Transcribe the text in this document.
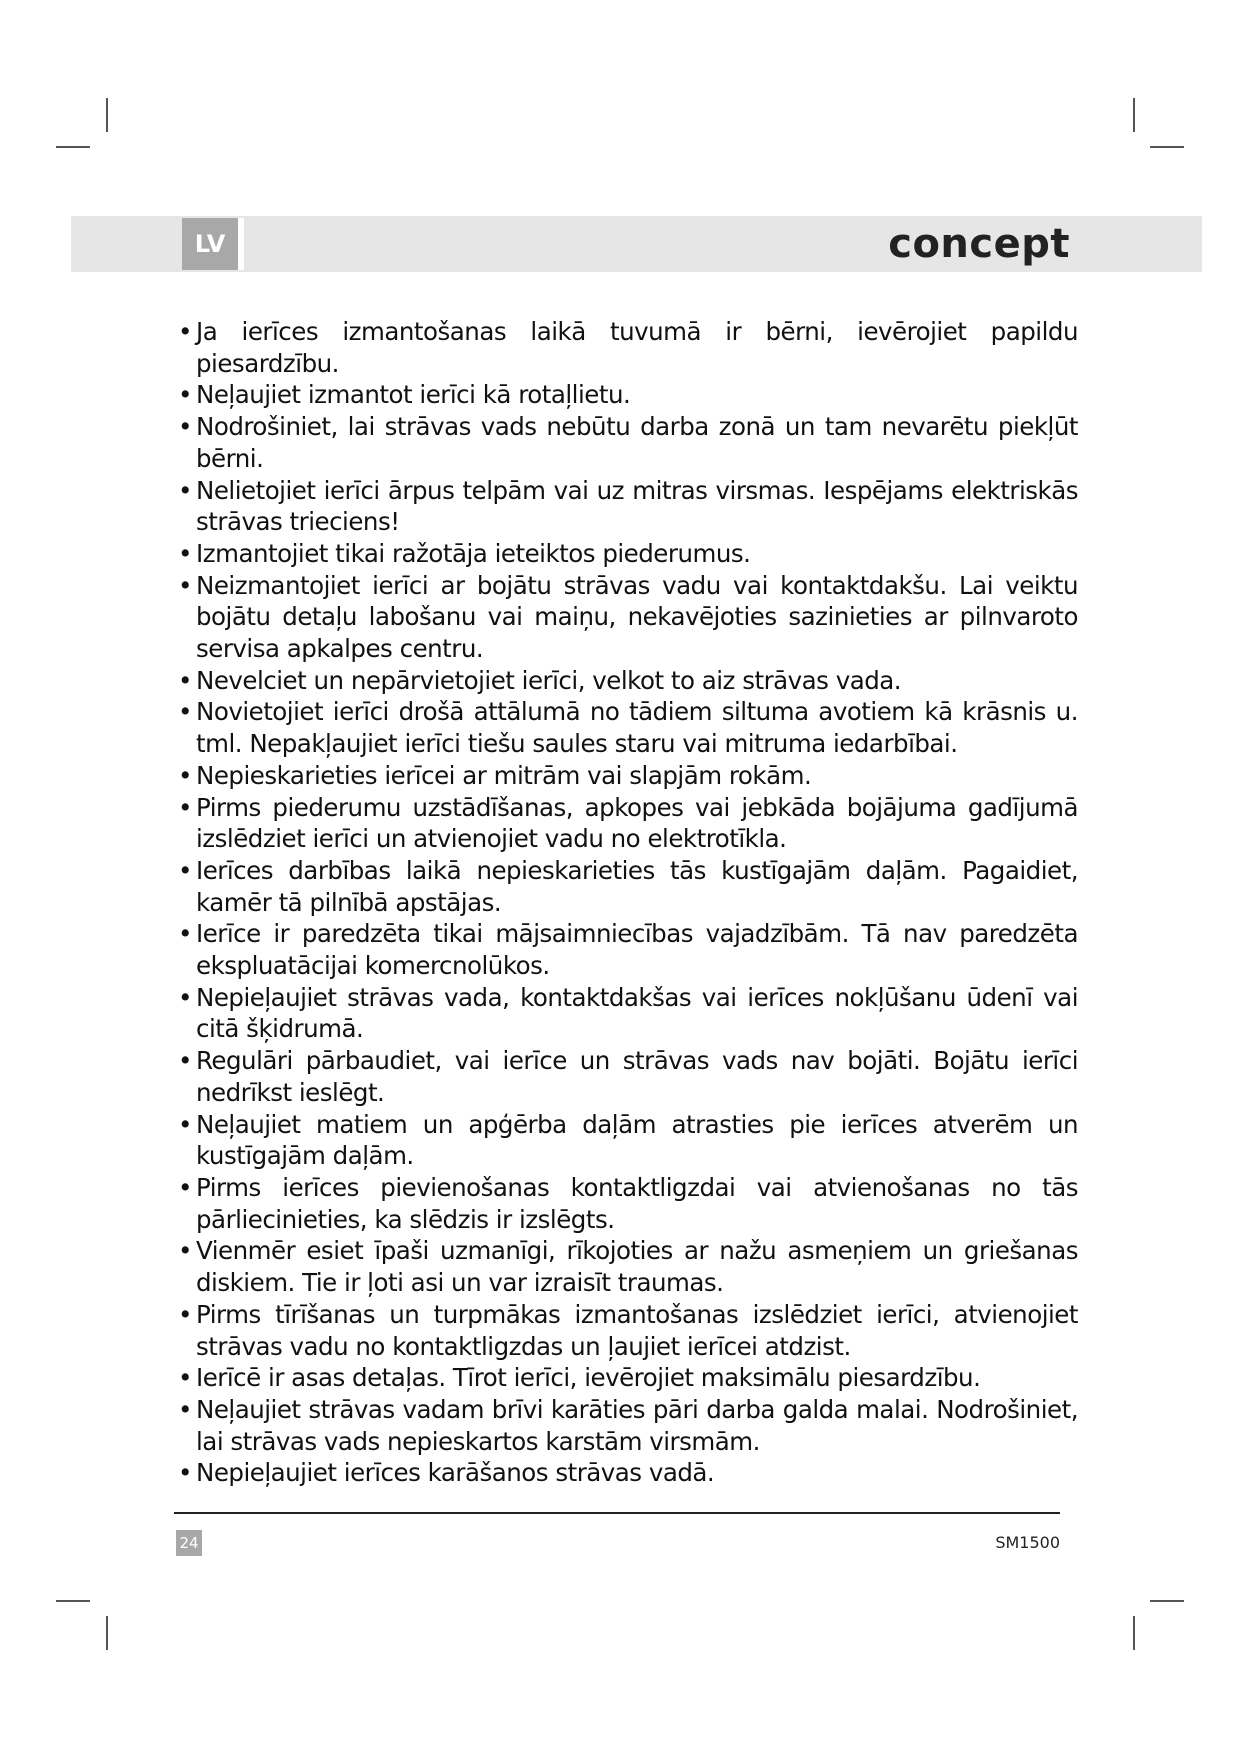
LV	concept
• Ja ierīces izmantošanas laikā tuvumā ir bērni, ievērojiet papildu piesardzību.
• Neļaujiet izmantot ierīci kā rotaļlietu.
• Nodrošiniet, lai strāvas vads nebūtu darba zonā un tam nevarētu piekļūt bērni.
• Nelietojiet ierīci ārpus telpām vai uz mitras virsmas. Iespējams elektriskās strāvas trieciens!
• Izmantojiet tikai ražotāja ieteiktos piederumus.
• Neizmantojiet ierīci ar bojātu strāvas vadu vai kontaktdakšu. Lai veiktu bojātu detaļu labošanu vai maiņu, nekavējoties sazinieties ar pilnvaroto servisa apkalpes centru.
• Nevelciet un nepārvietojiet ierīci, velkot to aiz strāvas vada.
• Novietojiet ierīci drošā attālumā no tādiem siltuma avotiem kā krāsnis u. tml. Nepakļaujiet ierīci tiešu saules staru vai mitruma iedarbībai.
• Nepieskarieties ierīcei ar mitrām vai slapjām rokām.
• Pirms piederumu uzstādīšanas, apkopes vai jebkāda bojājuma gadījumā izslēdziet ierīci un atvienojiet vadu no elektrotīkla.
• Ierīces darbības laikā nepieskarieties tās kustīgajām daļām. Pagaidiet, kamēr tā pilnībā apstājas.
• Ierīce ir paredzēta tikai mājsaimniecības vajadzībām. Tā nav paredzēta ekspluatācijai komercnolūkos.
• Nepieļaujiet strāvas vada, kontaktdakšas vai ierīces nokļūšanu ūdenī vai citā šķidrumā.
• Regulāri pārbaudiet, vai ierīce un strāvas vads nav bojāti. Bojātu ierīci nedrīkst ieslēgt.
• Neļaujiet matiem un apģērba daļām atrasties pie ierīces atverēm un kustīgajām daļām.
• Pirms ierīces pievienošanas kontaktligzdai vai atvienošanas no tās pārliecinieties, ka slēdzis ir izslēgts.
• Vienmēr esiet īpaši uzmanīgi, rīkojoties ar nažu asmeņiem un griešanas diskiem. Tie ir ļoti asi un var izraisīt traumas.
• Pirms tīrīšanas un turpmākas izmantošanas izslēdziet ierīci, atvienojiet strāvas vadu no kontaktligzdas un ļaujiet ierīcei atdzist.
• Ierīcē ir asas detaļas. Tīrot ierīci, ievērojiet maksimālu piesardzību.
• Neļaujiet strāvas vadam brīvi karāties pāri darba galda malai. Nodrošiniet, lai strāvas vads nepieskartos karstām virsmām.
• Nepieļaujiet ierīces karāšanos strāvas vadā.
24	SM1500
